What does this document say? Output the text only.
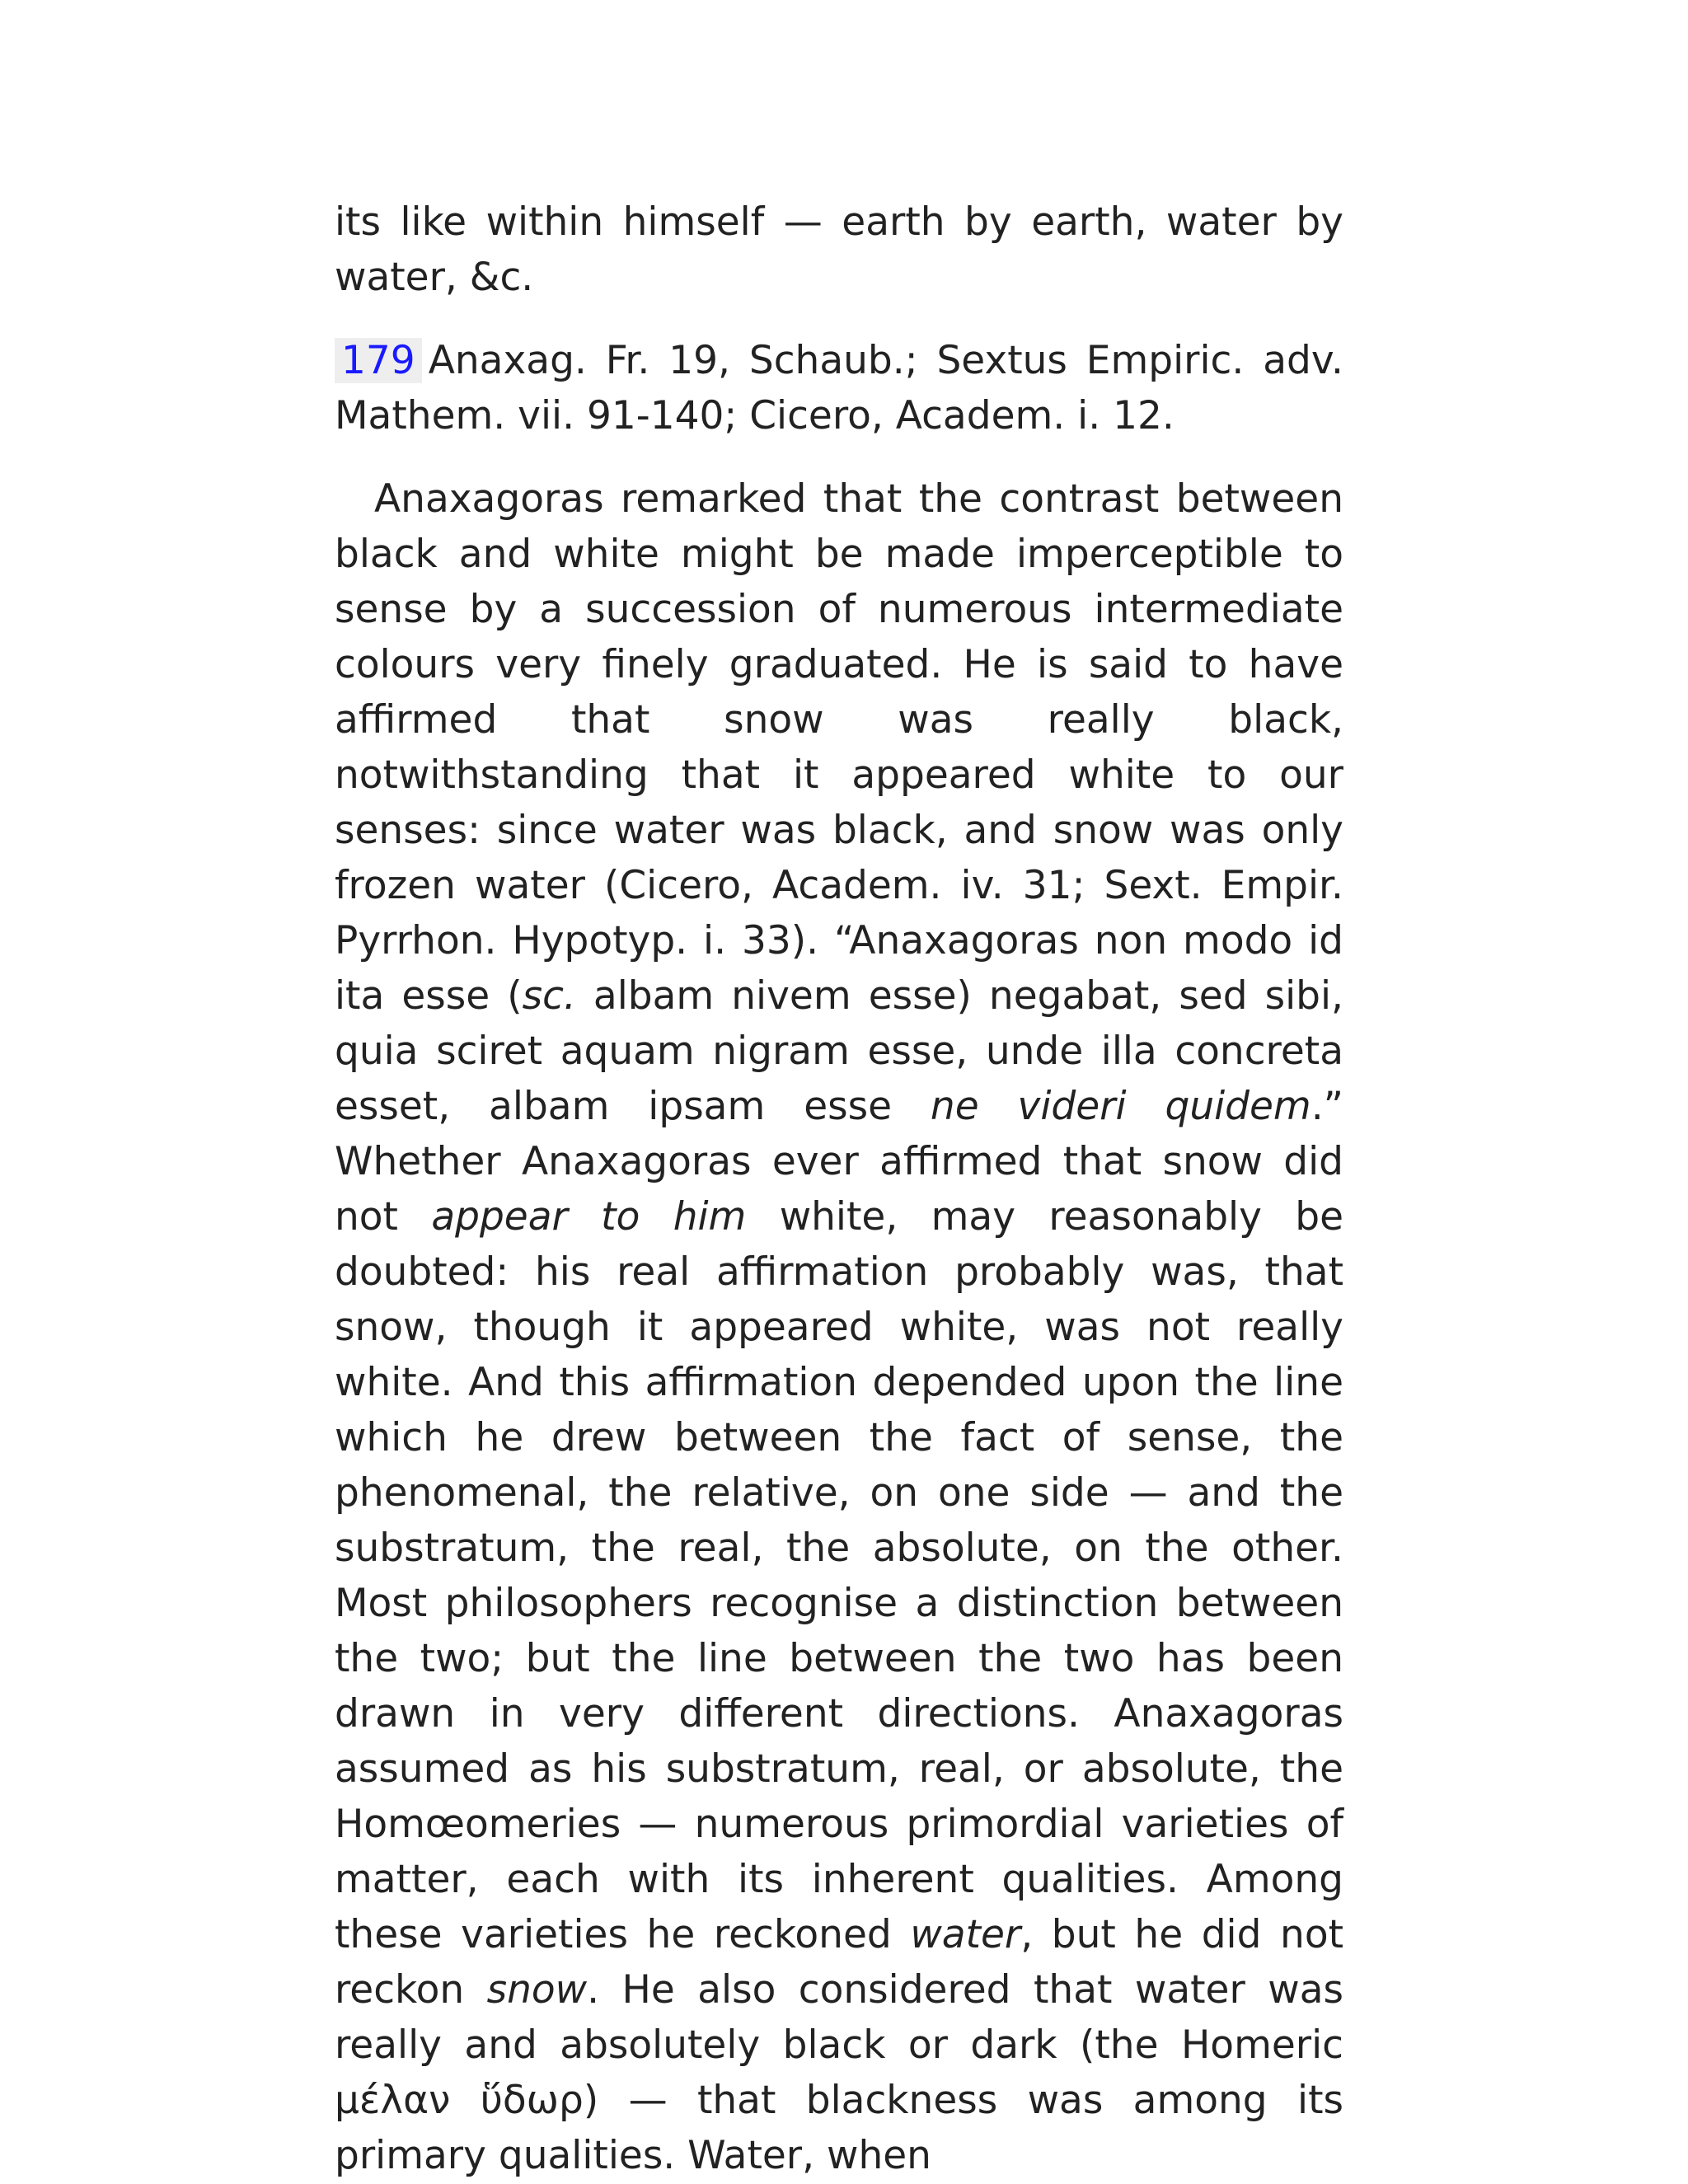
its like within himself — earth by earth, water by water, &c.

179 Anaxag. Fr. 19, Schaub.; Sextus Empiric. adv. Mathem. vii. 91-140; Cicero, Academ. i. 12.

Anaxagoras remarked that the contrast between black and white might be made imperceptible to sense by a succession of numerous intermediate colours very finely graduated. He is said to have affirmed that snow was really black, notwithstanding that it appeared white to our senses: since water was black, and snow was only frozen water (Cicero, Academ. iv. 31; Sext. Empir. Pyrrhon. Hypotyp. i. 33). “Anaxagoras non modo id ita esse (sc. albam nivem esse) negabat, sed sibi, quia sciret aquam nigram esse, unde illa concreta esset, albam ipsam esse ne videri quidem.” Whether Anaxagoras ever affirmed that snow did not appear to him white, may reasonably be doubted: his real affirmation probably was, that snow, though it appeared white, was not really white. And this affirmation depended upon the line which he drew between the fact of sense, the phenomenal, the relative, on one side — and the substratum, the real, the absolute, on the other. Most philosophers recognise a distinction between the two; but the line between the two has been drawn in very different directions. Anaxagoras assumed as his substratum, real, or absolute, the Homœomeries — numerous primordial varieties of matter, each with its inherent qualities. Among these varieties he reckoned water, but he did not reckon snow. He also considered that water was really and absolutely black or dark (the Homeric μέλαν ὕδωρ) — that blackness was among its primary qualities. Water, when
